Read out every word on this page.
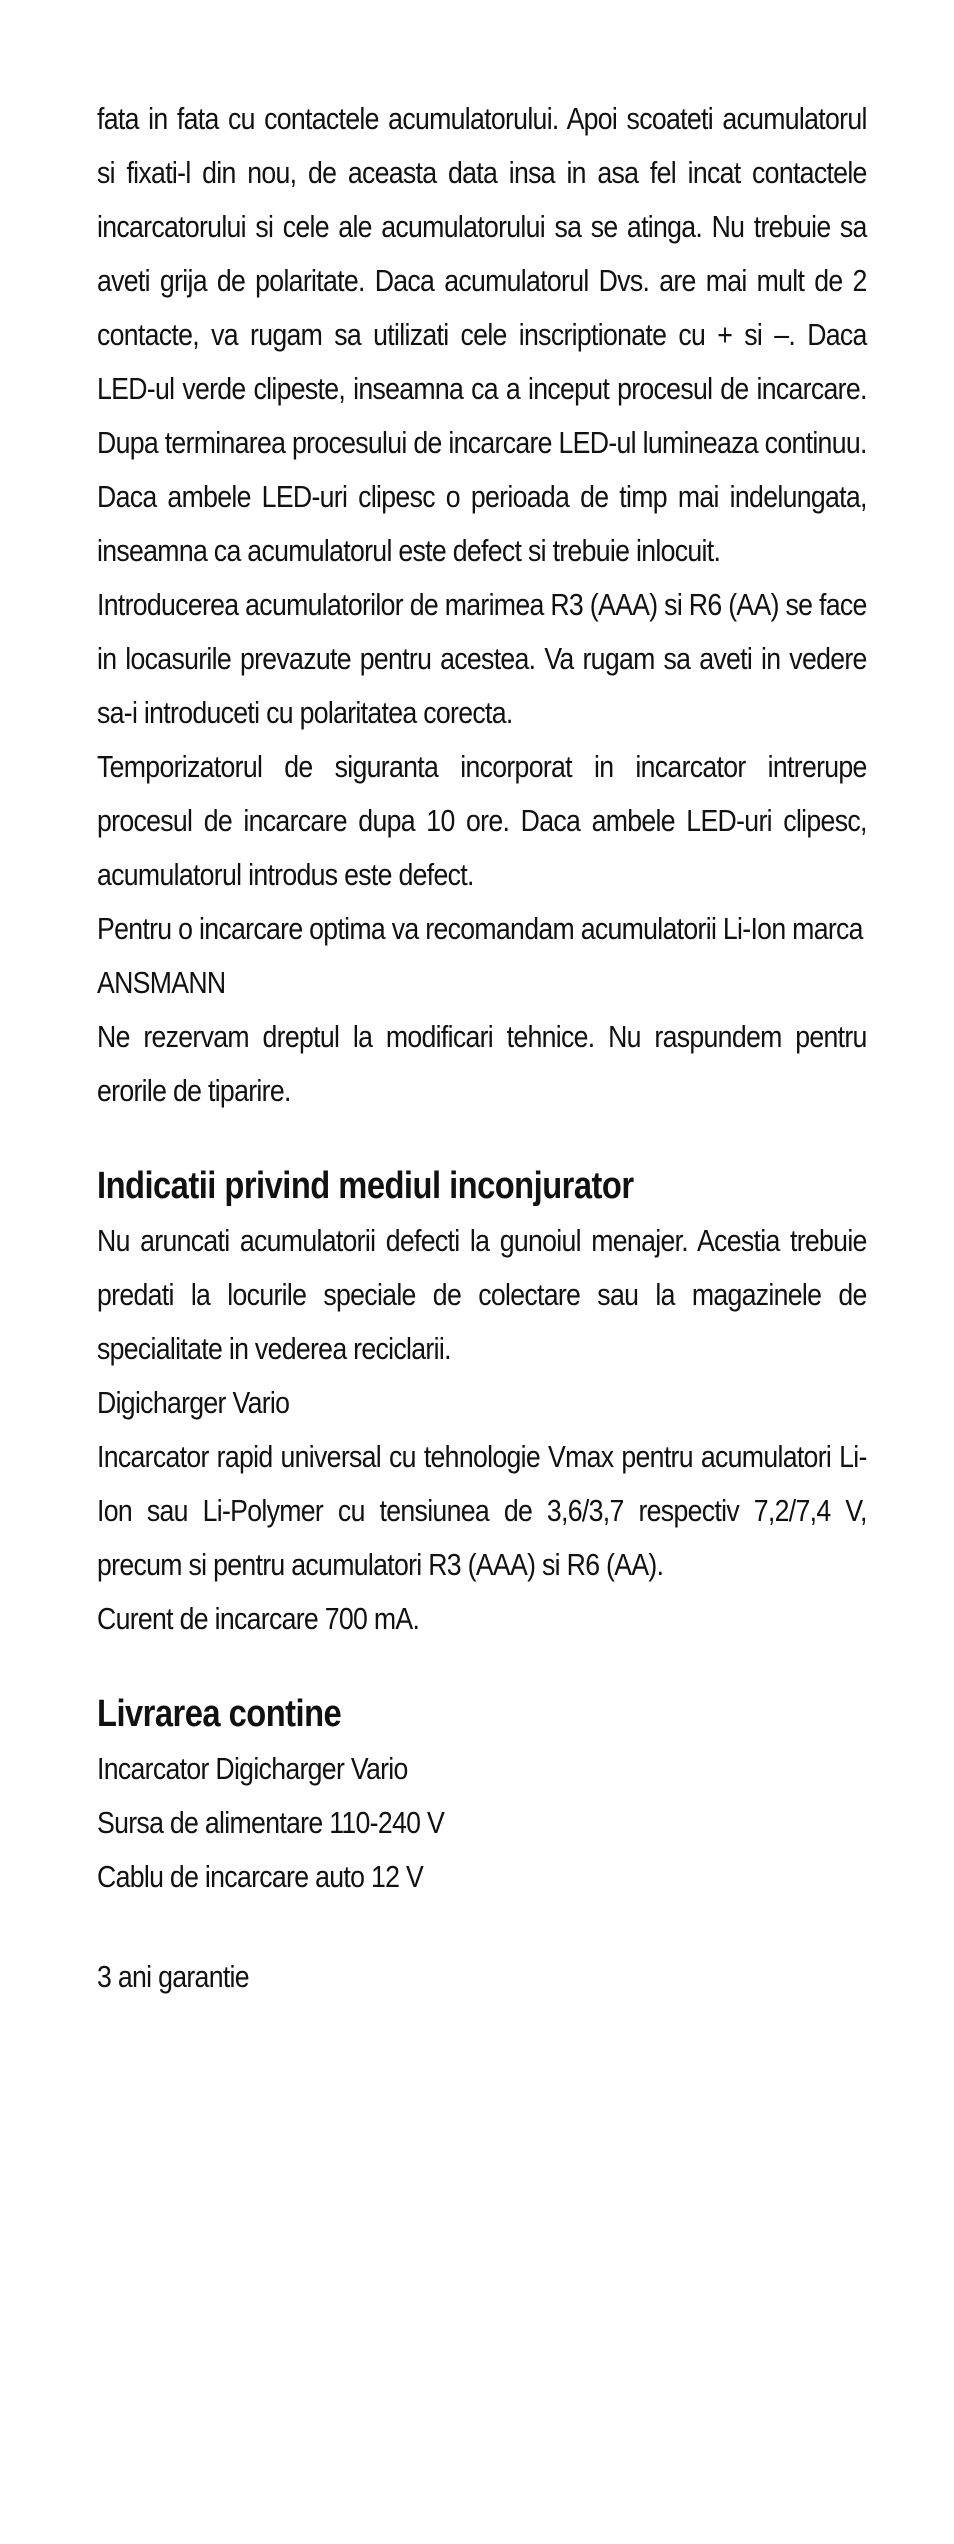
fata in fata cu contactele acumulatorului. Apoi scoateti acumulatorul si fixati-l din nou, de aceasta data insa in asa fel incat contactele incarcatorului si cele ale acumulatorului sa se atinga. Nu trebuie sa aveti grija de polaritate. Daca acumulatorul Dvs. are mai mult de 2 contacte, va rugam sa utilizati cele inscriptionate cu + si –. Daca LED-ul verde clipeste, inseamna ca a inceput procesul de incarcare. Dupa terminarea procesului de incarcare LED-ul lumineaza continuu. Daca ambele LED-uri clipesc o perioada de timp mai indelungata, inseamna ca acumulatorul este defect si trebuie inlocuit.

Introducerea acumulatorilor de marimea R3 (AAA) si R6 (AA) se face in locasurile prevazute pentru acestea. Va rugam sa aveti in vedere sa-i introduceti cu polaritatea corecta.

Temporizatorul de siguranta incorporat in incarcator intrerupe procesul de incarcare dupa 10 ore. Daca ambele LED-uri clipesc, acumulatorul introdus este defect.

Pentru o incarcare optima va recomandam acumulatorii Li-Ion marca ANSMANN

Ne rezervam dreptul la modificari tehnice. Nu raspundem pentru erorile de tiparire.

Indicatii privind mediul inconjurator

Nu aruncati acumulatorii defecti la gunoiul menajer. Acestia trebuie predati la locurile speciale de colectare sau la magazinele de specialitate in vederea reciclarii.

Digicharger Vario

Incarcator rapid universal cu tehnologie Vmax pentru acumulatori Li-Ion sau Li-Polymer cu tensiunea de 3,6/3,7 respectiv 7,2/7,4 V, precum si pentru acumulatori R3 (AAA) si R6 (AA).

Curent de incarcare 700 mA.

Livrarea contine

Incarcator Digicharger Vario

Sursa de alimentare 110-240 V

Cablu de incarcare auto 12 V

3 ani garantie
